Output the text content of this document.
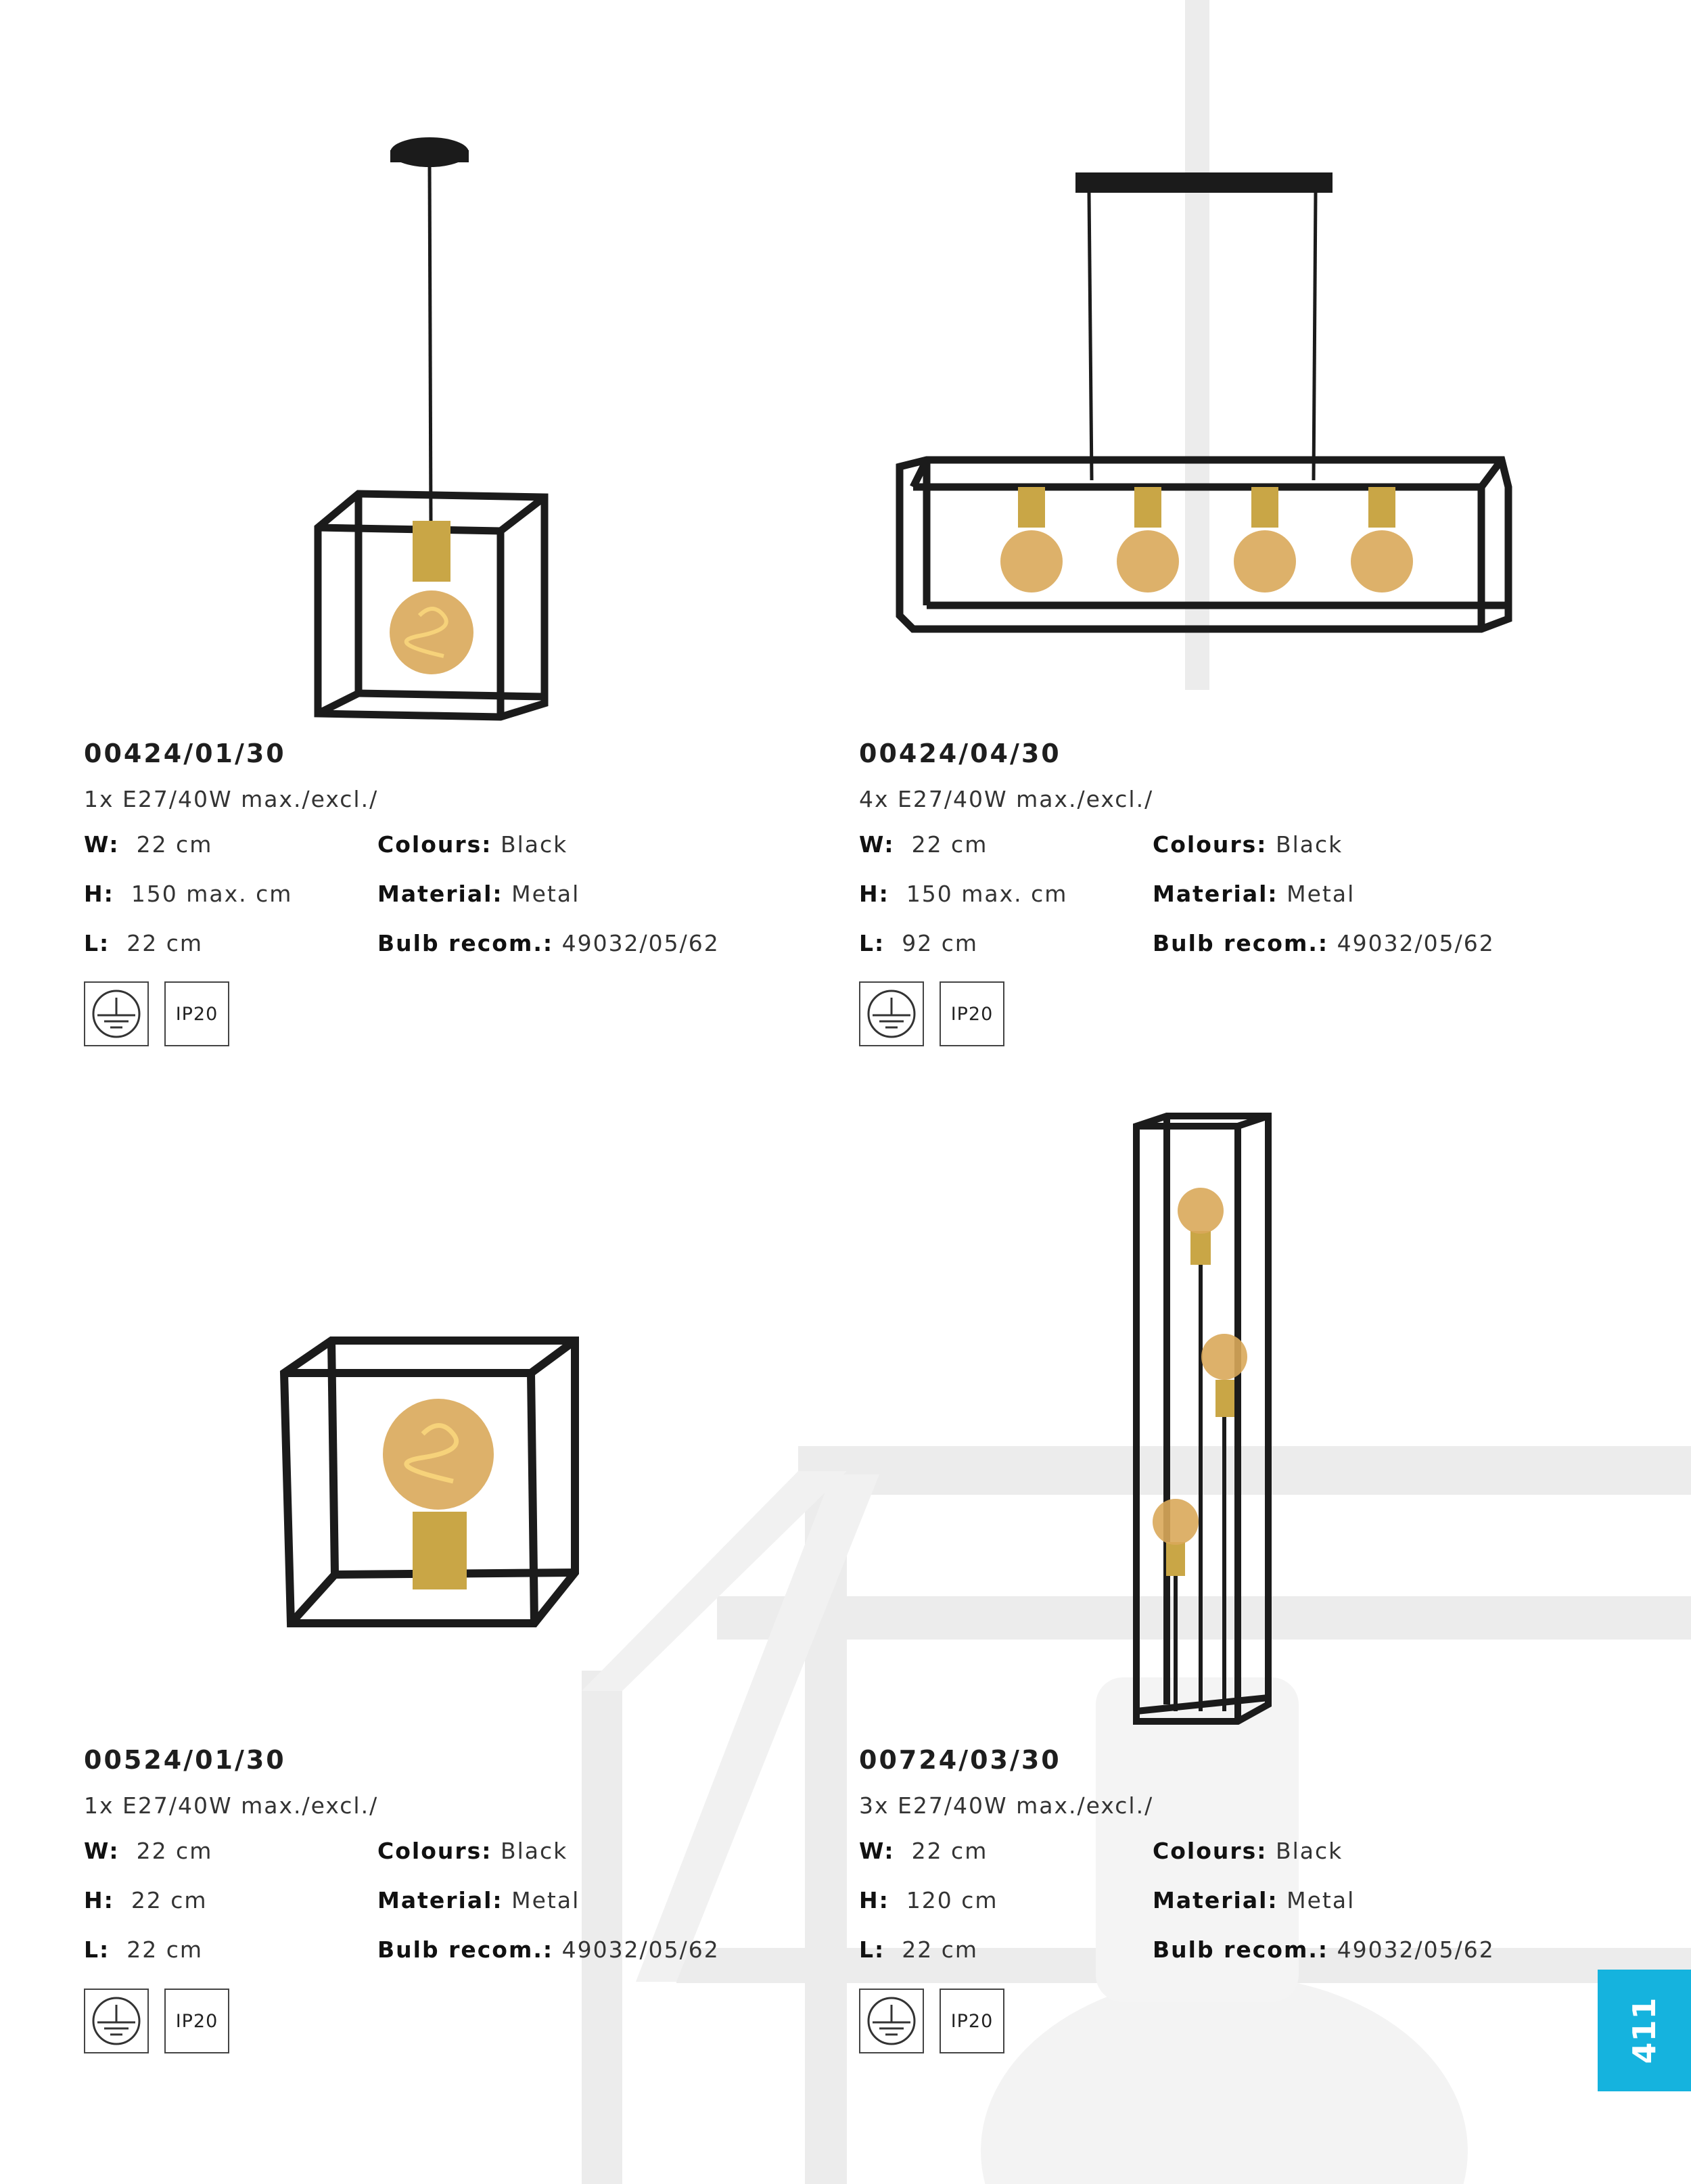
00424/01/30
1x E27/40W max./excl./
W: 22 cm
H: 150 max. cm
L: 22 cm
Colours: Black
Material: Metal
Bulb recom.: 49032/05/62
IP20
00424/04/30
4x E27/40W max./excl./
W: 22 cm
H: 150 max. cm
L: 92 cm
Colours: Black
Material: Metal
Bulb recom.: 49032/05/62
IP20
00524/01/30
1x E27/40W max./excl./
W: 22 cm
H: 22 cm
L: 22 cm
Colours: Black
Material: Metal
Bulb recom.: 49032/05/62
IP20
00724/03/30
3x E27/40W max./excl./
W: 22 cm
H: 120 cm
L: 22 cm
Colours: Black
Material: Metal
Bulb recom.: 49032/05/62
IP20	411
